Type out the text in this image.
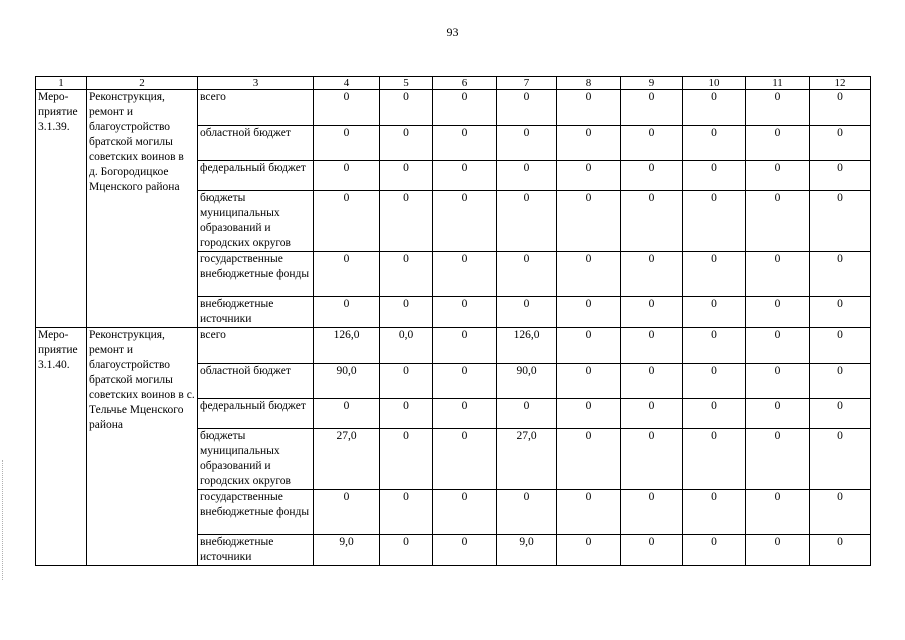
93
1	2	3	4	5	6	7	8	9	10	11	12
Меро-приятие 3.1.39.	Реконструкция, ремонт и благоустройство братской могилы советских воинов в д. Богородицкое Мценского района	всего	0	0	0	0	0	0	0	0	0
		областной бюджет	0	0	0	0	0	0	0	0	0
		федеральный бюджет	0	0	0	0	0	0	0	0	0
		бюджеты муниципальных образований и городских округов	0	0	0	0	0	0	0	0	0
		государственные внебюджетные фонды	0	0	0	0	0	0	0	0	0
		внебюджетные источники	0	0	0	0	0	0	0	0	0
Меро-приятие 3.1.40.	Реконструкция, ремонт и благоустройство братской могилы советских воинов в с. Тельчье Мценского района	всего	126,0	0,0	0	126,0	0	0	0	0	0
		областной бюджет	90,0	0	0	90,0	0	0	0	0	0
		федеральный бюджет	0	0	0	0	0	0	0	0	0
		бюджеты муниципальных образований и городских округов	27,0	0	0	27,0	0	0	0	0	0
		государственные внебюджетные фонды	0	0	0	0	0	0	0	0	0
		внебюджетные источники	9,0	0	0	9,0	0	0	0	0	0
